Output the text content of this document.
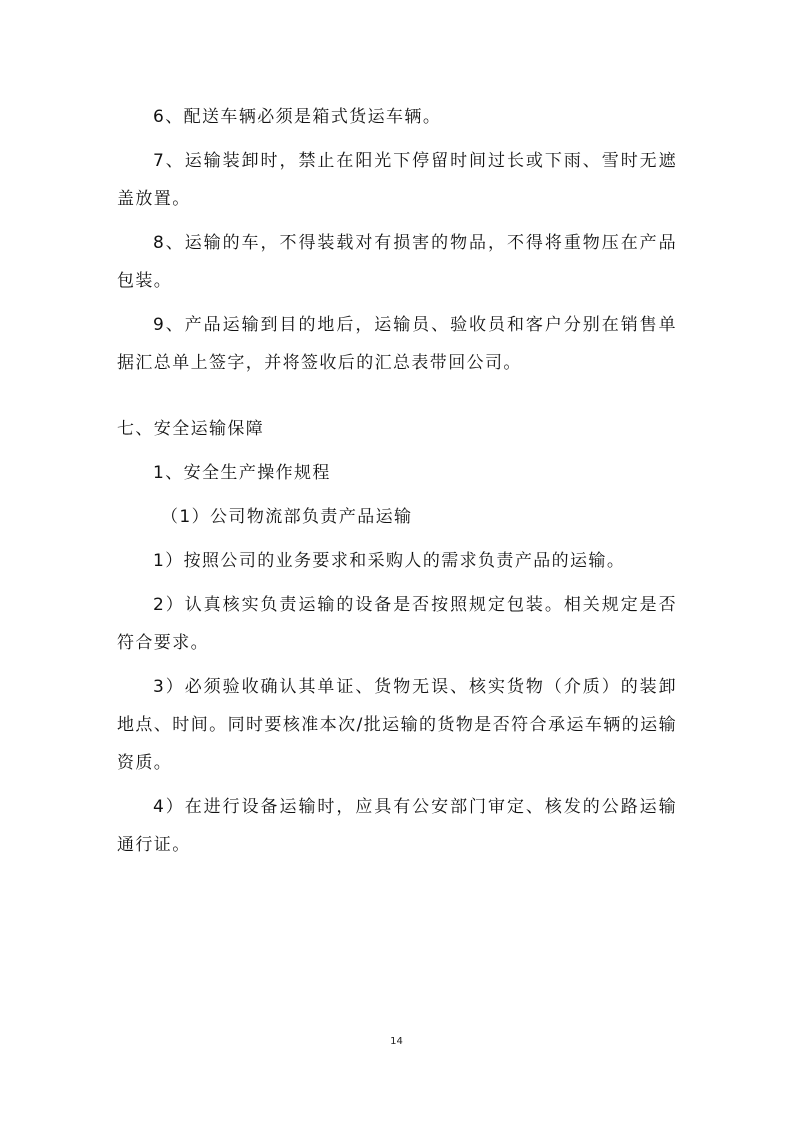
6、配送车辆必须是箱式货运车辆。

7、运输装卸时，禁止在阳光下停留时间过长或下雨、雪时无遮盖放置。

8、运输的车，不得装载对有损害的物品，不得将重物压在产品包装。

9、产品运输到目的地后，运输员、验收员和客户分别在销售单据汇总单上签字，并将签收后的汇总表带回公司。

七、安全运输保障

1、安全生产操作规程

（1）公司物流部负责产品运输

1）按照公司的业务要求和采购人的需求负责产品的运输。

2）认真核实负责运输的设备是否按照规定包装。相关规定是否符合要求。

3）必须验收确认其单证、货物无误、核实货物（介质）的装卸地点、时间。同时要核准本次/批运输的货物是否符合承运车辆的运输资质。

4）在进行设备运输时，应具有公安部门审定、核发的公路运输通行证。

14
